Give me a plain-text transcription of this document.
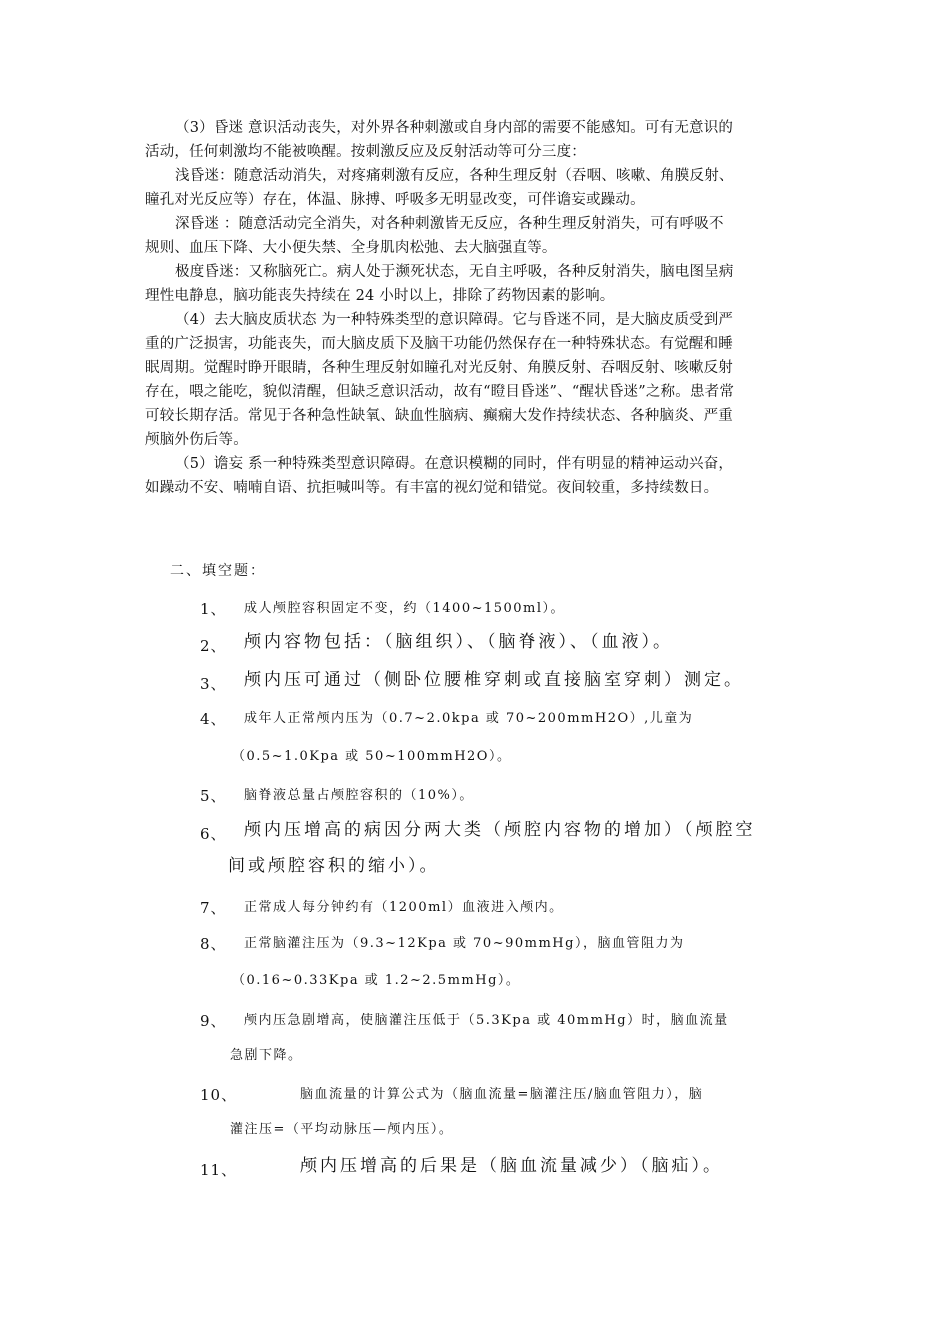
（3）昏迷 意识活动丧失，对外界各种刺激或自身内部的需要不能感知。可有无意识的
活动，任何刺激均不能被唤醒。按刺激反应及反射活动等可分三度：
浅昏迷：随意活动消失，对疼痛刺激有反应，各种生理反射（吞咽、咳嗽、角膜反射、
瞳孔对光反应等）存在，体温、脉搏、呼吸多无明显改变，可伴谵妄或躁动。
深昏迷 ：随意活动完全消失，对各种刺激皆无反应，各种生理反射消失，可有呼吸不
规则、血压下降、大小便失禁、全身肌肉松弛、去大脑强直等。
极度昏迷：又称脑死亡。病人处于濒死状态，无自主呼吸，各种反射消失，脑电图呈病
理性电静息，脑功能丧失持续在 24 小时以上，排除了药物因素的影响。
（4）去大脑皮质状态 为一种特殊类型的意识障碍。它与昏迷不同，是大脑皮质受到严
重的广泛损害，功能丧失，而大脑皮质下及脑干功能仍然保存在一种特殊状态。有觉醒和睡
眠周期。觉醒时睁开眼睛，各种生理反射如瞳孔对光反射、角膜反射、吞咽反射、咳嗽反射
存在，喂之能吃，貌似清醒，但缺乏意识活动，故有“瞪目昏迷”、“醒状昏迷”之称。患者常
可较长期存活。常见于各种急性缺氧、缺血性脑病、癫痫大发作持续状态、各种脑炎、严重
颅脑外伤后等。
（5）谵妄 系一种特殊类型意识障碍。在意识模糊的同时，伴有明显的精神运动兴奋，
如躁动不安、喃喃自语、抗拒喊叫等。有丰富的视幻觉和错觉。夜间较重，多持续数日。
二、填空题：
1、	成人颅腔容积固定不变，约（1400~1500ml）。
2、	颅内容物包括：（脑组织）、（脑脊液）、（血液）。
3、	颅内压可通过（侧卧位腰椎穿刺或直接脑室穿刺）测定。
4、	成年人正常颅内压为（0.7~2.0kpa 或 70~200mmH2O）,儿童为
（0.5~1.0Kpa 或 50~100mmH2O）。
5、	脑脊液总量占颅腔容积的（10%）。
6、	颅内压增高的病因分两大类（颅腔内容物的增加）（颅腔空
间或颅腔容积的缩小）。
7、	正常成人每分钟约有（1200ml）血液进入颅内。
8、	正常脑灌注压为（9.3~12Kpa 或 70~90mmHg），脑血管阻力为
（0.16~0.33Kpa 或 1.2~2.5mmHg）。
9、	颅内压急剧增高，使脑灌注压低于（5.3Kpa 或 40mmHg）时，脑血流量
急剧下降。
10、	脑血流量的计算公式为（脑血流量=脑灌注压/脑血管阻力），脑
灌注压=（平均动脉压—颅内压）。
11、	颅内压增高的后果是（脑血流量减少）（脑疝）。
